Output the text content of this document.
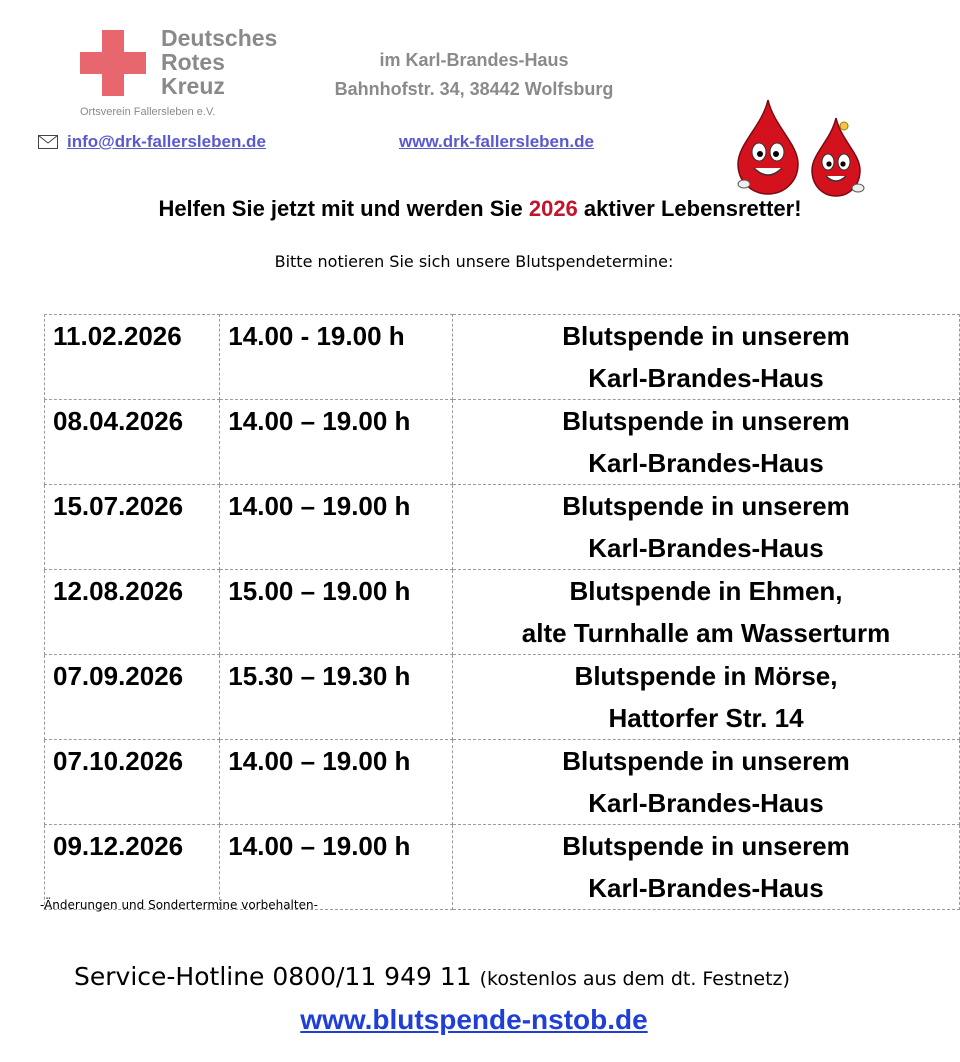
Deutsches
Rotes
Kreuz
Ortsverein Fallersleben e.V.
im Karl-Brandes-Haus
Bahnhofstr. 34, 38442 Wolfsburg
info@drk-fallersleben.de	www.drk-fallersleben.de
Helfen Sie jetzt mit und werden Sie 2026 aktiver Lebensretter!
Bitte notieren Sie sich unsere Blutspendetermine:
11.02.2026	14.00 - 19.00 h	Blutspende in unserem
Karl-Brandes-Haus

08.04.2026	14.00 – 19.00 h	Blutspende in unserem
Karl-Brandes-Haus

15.07.2026	14.00 – 19.00 h	Blutspende in unserem
Karl-Brandes-Haus

12.08.2026	15.00 – 19.00 h	Blutspende in Ehmen,
alte Turnhalle am Wasserturm

07.09.2026	15.30 – 19.30 h	Blutspende in Mörse,
Hattorfer Str. 14

07.10.2026	14.00 – 19.00 h	Blutspende in unserem
Karl-Brandes-Haus

09.12.2026	14.00 – 19.00 h	Blutspende in unserem
Karl-Brandes-Haus
-Änderungen und Sondertermine vorbehalten-
Service-Hotline 0800/11 949 11 (kostenlos aus dem dt. Festnetz)
www.blutspende-nstob.de
